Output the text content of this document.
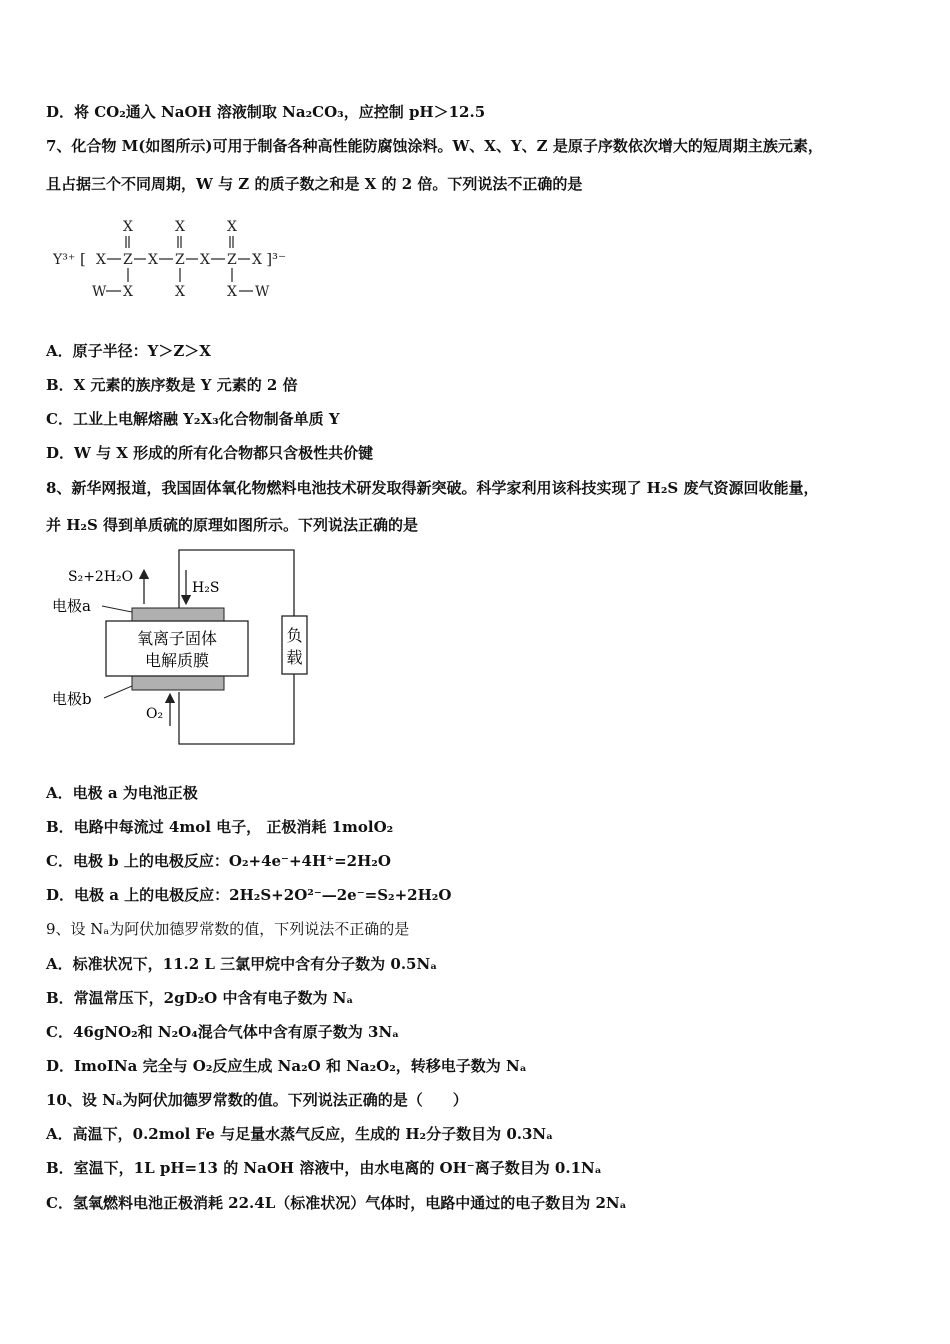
D．将 CO₂通入 NaOH 溶液制取 Na₂CO₃，应控制 pH＞12.5
7、化合物 M(如图所示)可用于制备各种高性能防腐蚀涂料。W、X、Y、Z 是原子序数依次增大的短周期主族元素，
且占据三个不同周期，W 与 Z 的质子数之和是 X 的 2 倍。下列说法不正确的是
Y³⁺ [	]³⁻
X Z X Z X Z X
X	X	X
W X	X	X W
A．原子半径：Y＞Z＞X
B．X 元素的族序数是 Y 元素的 2 倍
C．工业上电解熔融 Y₂X₃化合物制备单质 Y
D．W 与 X 形成的所有化合物都只含极性共价键
8、新华网报道，我国固体氧化物燃料电池技术研发取得新突破。科学家利用该科技实现了 H₂S 废气资源回收能量，
并 H₂S 得到单质硫的原理如图所示。下列说法正确的是
负
载
氧离子固体
电解质膜
S₂+2H₂O
H₂S
电极a
电极b
O₂
A．电极 a 为电池正极
B．电路中每流过 4mol 电子， 正极消耗 1molO₂
C．电极 b 上的电极反应：O₂+4e⁻+4H⁺=2H₂O
D．电极 a 上的电极反应：2H₂S+2O²⁻—2e⁻=S₂+2H₂O
9、设 Nₐ为阿伏加德罗常数的值，下列说法不正确的是
A．标准状况下，11.2 L 三氯甲烷中含有分子数为 0.5Nₐ
B．常温常压下，2gD₂O 中含有电子数为 Nₐ
C．46gNO₂和 N₂O₄混合气体中含有原子数为 3Nₐ
D．ImoINa 完全与 O₂反应生成 Na₂O 和 Na₂O₂，转移电子数为 Nₐ
10、设 Nₐ为阿伏加德罗常数的值。下列说法正确的是（　　）
A．高温下，0.2mol Fe 与足量水蒸气反应，生成的 H₂分子数目为 0.3Nₐ
B．室温下，1L pH=13 的 NaOH 溶液中，由水电离的 OH⁻离子数目为 0.1Nₐ
C．氢氧燃料电池正极消耗 22.4L（标准状况）气体时，电路中通过的电子数目为 2Nₐ
